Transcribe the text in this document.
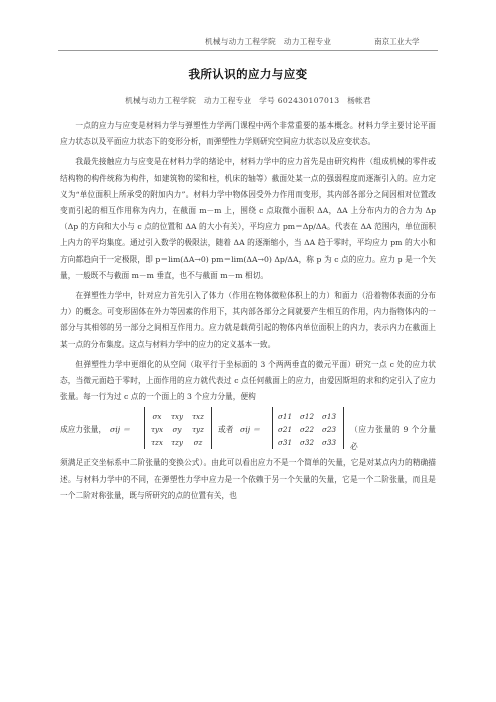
机械与动力工程学院　动力工程专业	南京工业大学
我所认识的应力与应变
机械与动力工程学院　动力工程专业　学号 602430107013　杨帐君

一点的应力与应变是材料力学与弹塑性力学两门课程中两个非常重要的基本概念。材料力学主要讨论平面应力状态以及平面应力状态下的变形分析，而弹塑性力学则研究空间应力状态以及应变状态。

我最先接触应力与应变是在材料力学的绪论中，材料力学中的应力首先是由研究构件（组成机械的零件或结构物的构件统称为构件，如建筑物的梁和柱，机床的轴等）截面处某一点的强弱程度而逐渐引入的。应力定义为“单位面积上所承受的附加内力”。材料力学中物体因受外力作用而变形，其内部各部分之间因相对位置改变而引起的相互作用称为内力，在截面 m－m 上，围绕 c 点取微小面积 ΔA，ΔA 上分布内力的合力为 Δp（Δp 的方向和大小与 c 点的位置和 ΔA 的大小有关），平均应力 pm＝Δp/ΔA。代表在 ΔA 范围内，单位面积上内力的平均集度。通过引入数学的极限法，随着 ΔA 的逐渐缩小，当 ΔA 趋于零时，平均应力 pm 的大小和方向都趋向于一定极限，即 p＝lim(ΔA→0) pm＝lim(ΔA→0) Δp/ΔA，称 p 为 c 点的应力。应力 p 是一个矢量，一般既不与截面 m－m 垂直，也不与截面 m－m 相切。

在弹塑性力学中，针对应力首先引入了体力（作用在物体微粒体积上的力）和面力（沿着物体表面的分布力）的概念。可变形固体在外力等因素的作用下，其内部各部分之间就要产生相互的作用，内力指物体内的一部分与其相邻的另一部分之间相互作用力。应力就是载荷引起的物体内单位面积上的内力，表示内力在截面上某一点的分布集度。这点与材料力学中的应力的定义基本一致。

但弹塑性力学中更细化的从空间（取平行于坐标面的 3 个两两垂直的微元平面）研究一点 c 处的应力状态，当微元面趋于零时，上面作用的应力就代表过 c 点任何截面上的应力，由爱因斯坦的求和约定引入了应力张量。每一行为过 c 点的一个面上的 3 个应力分量，便构

成应力张量， σij ＝
σx	τxy	τxz
τyx	σy	τyz
τzx	τzy	σz
或者 σij ＝
σ11	σ12	σ13
σ21	σ22	σ23
σ31	σ32	σ33
（应力张量的 9 个分量必

须满足正交坐标系中二阶张量的变换公式）。由此可以看出应力不是一个简单的矢量，它是对某点内力的精确描述。与材料力学中的不同，在弹塑性力学中应力是一个依赖于另一个矢量的矢量，它是一个二阶张量，而且是一个二阶对称张量，既与所研究的点的位置有关，也
